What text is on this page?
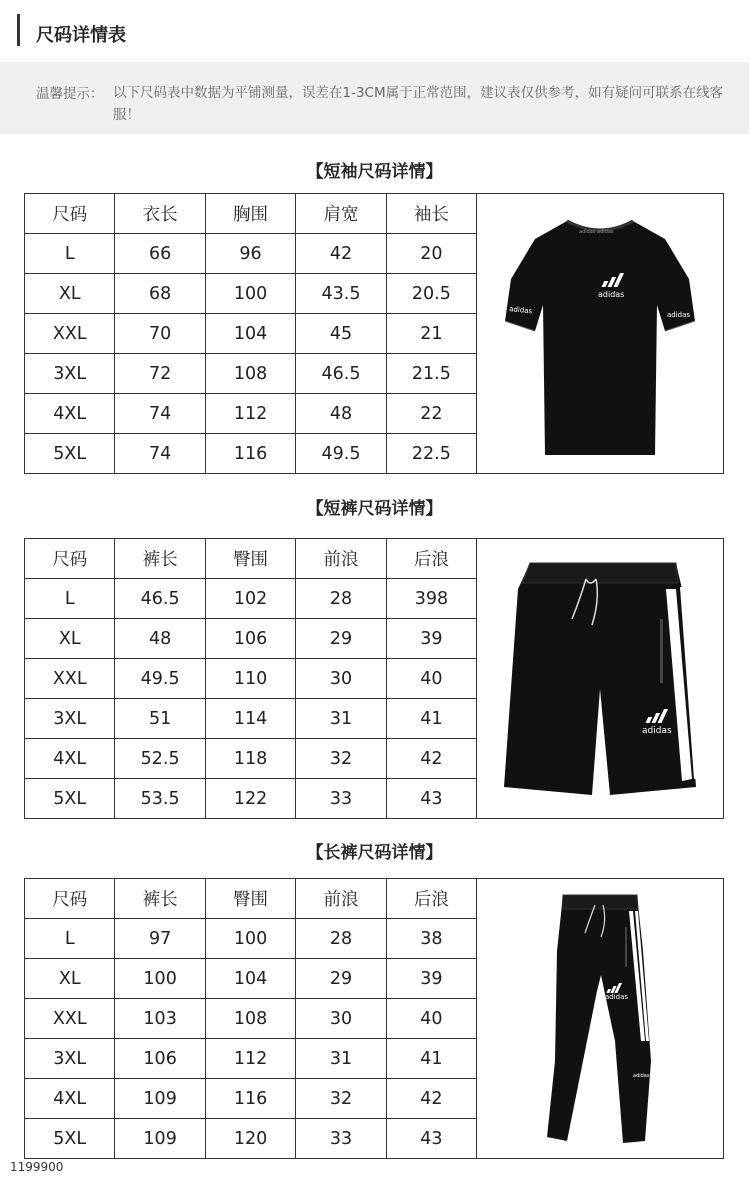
尺码详情表
温馨提示： 以下尺码表中数据为平铺测量，误差在1-3CM属于正常范围，建议表仅供参考，如有疑问可联系在线客服！
【短袖尺码详情】
尺码	衣长	胸围	肩宽	袖长	adidas
adidas adidas
adidas adidas

L	66	96	42	20	
XL	68	100	43.5	20.5	
XXL	70	104	45	21	
3XL	72	108	46.5	21.5	
4XL	74	112	48	22	
5XL	74	116	49.5	22.5	
【短裤尺码详情】
尺码	裤长	臀围	前浪	后浪	adidas

L	46.5	102	28	398	
XL	48	106	29	39	
XXL	49.5	110	30	40	
3XL	51	114	31	41	
4XL	52.5	118	32	42	
5XL	53.5	122	33	43	
【长裤尺码详情】
尺码	裤长	臀围	前浪	后浪	adidas
adidas

L	97	100	28	38	
XL	100	104	29	39	
XXL	103	108	30	40	
3XL	106	112	31	41	
4XL	109	116	32	42	
5XL	109	120	33	43	
1199900
